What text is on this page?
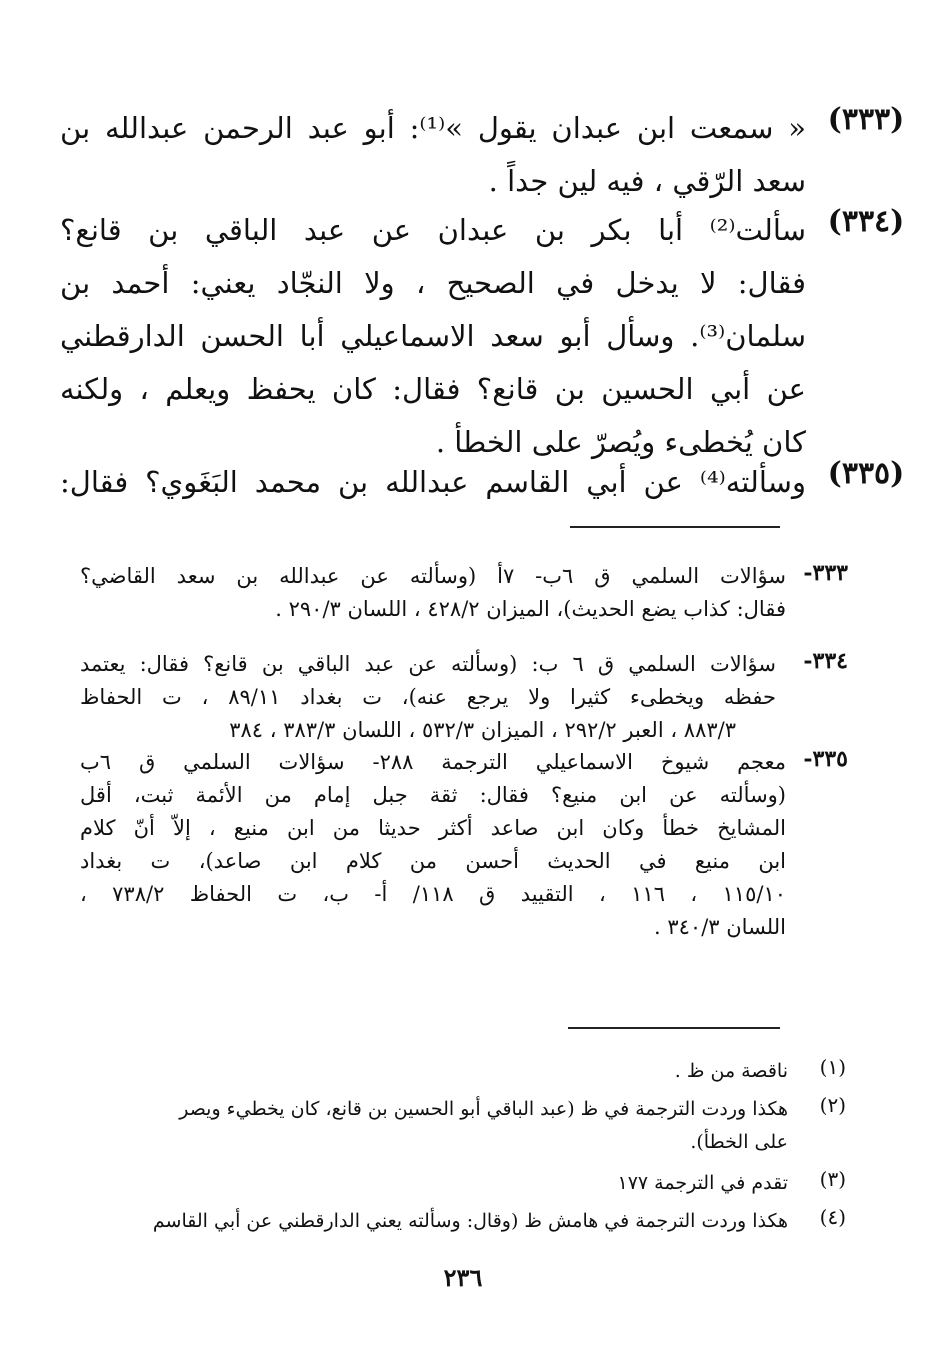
(٣٣٣)
« سمعت ابن عبدان يقول »⁽¹⁾: أبو عبد الرحمن عبدالله بن
سعد الرّقي ، فيه لين جداً .
(٣٣٤)
سألت⁽²⁾ أبا بكر بن عبدان عن عبد الباقي بن قانع؟
فقال: لا يدخل في الصحيح ، ولا النجّاد يعني: أحمد بن
سلمان⁽³⁾. وسأل أبو سعد الاسماعيلي أبا الحسن الدارقطني
عن أبي الحسين بن قانع؟ فقال: كان يحفظ ويعلم ، ولكنه
كان يُخطىء ويُصرّ على الخطأ .
(٣٣٥)
وسألته⁽⁴⁾ عن أبي القاسم عبدالله بن محمد البَغَوي؟ فقال:
٣٣٣-
سؤالات السلمي ق ٦ب- ٧أ (وسألته عن عبدالله بن سعد القاضي؟
فقال: كذاب يضع الحديث)، الميزان ٤٢٨/٢ ، اللسان ٢٩٠/٣ .
٣٣٤-
سؤالات السلمي ق ٦ ب: (وسألته عن عبد الباقي بن قانع؟ فقال: يعتمد
حفظه ويخطىء كثيرا ولا يرجع عنه)، ت بغداد ٨٩/١١ ، ت الحفاظ
٨٨٣/٣ ، العبر ٢٩٢/٢ ، الميزان ٥٣٢/٣ ، اللسان ٣٨٣/٣ ، ٣٨٤
٣٣٥-
معجم شيوخ الاسماعيلي الترجمة ٢٨٨- سؤالات السلمي ق ٦ب
(وسألته عن ابن منيع؟ فقال: ثقة جبل إمام من الأئمة ثبت، أقل
المشايخ خطأ وكان ابن صاعد أكثر حديثا من ابن منيع ، إلاّ أنّ كلام
ابن منيع في الحديث أحسن من كلام ابن صاعد)، ت بغداد
١١٥/١٠ ، ١١٦ ، التقييد ق ١١٨/ أ- ب، ت الحفاظ ٧٣٨/٢ ،
اللسان ٣٤٠/٣ .
(١)
ناقصة من ظ .
(٢)
هكذا وردت الترجمة في ظ (عبد الباقي أبو الحسين بن قانع، كان يخطيء ويصر
على الخطأ).
(٣)
تقدم في الترجمة ١٧٧
(٤)
هكذا وردت الترجمة في هامش ظ (وقال: وسألته يعني الدارقطني عن أبي القاسم
٢٣٦
